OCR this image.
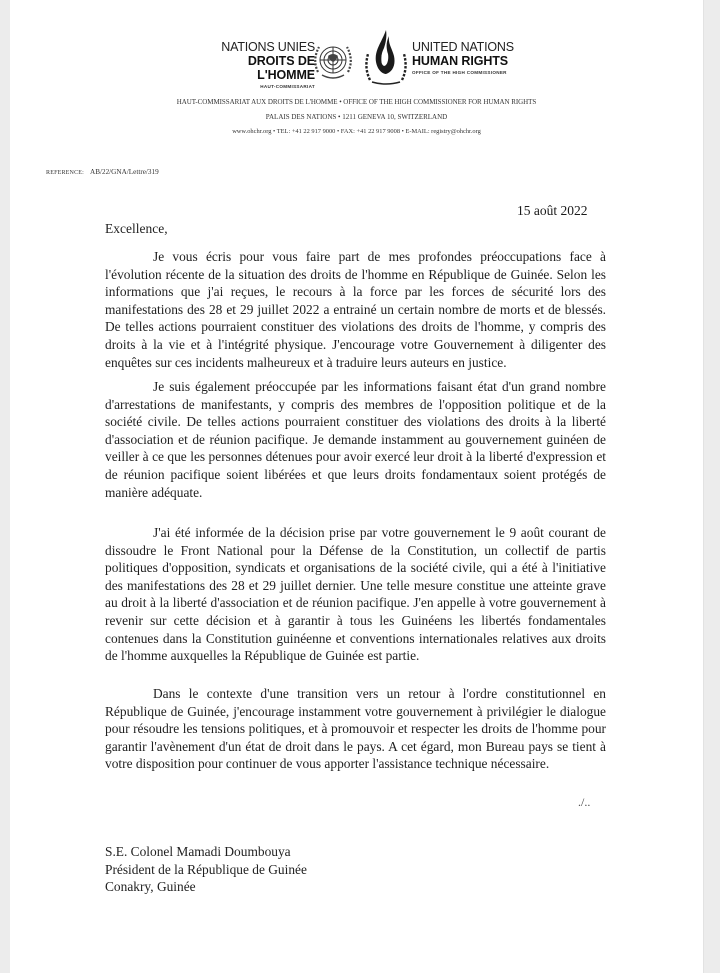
NATIONS UNIES
DROITS DE L'HOMME
HAUT-COMMISSARIAT
UNITED NATIONS
HUMAN RIGHTS
OFFICE OF THE HIGH COMMISSIONER
HAUT-COMMISSARIAT AUX DROITS DE L'HOMME • OFFICE OF THE HIGH COMMISSIONER FOR HUMAN RIGHTS
PALAIS DES NATIONS • 1211 GENEVA 10, SWITZERLAND
www.ohchr.org • TEL: +41 22 917 9000 • FAX: +41 22 917 9008 • E-MAIL: registry@ohchr.org
REFERENCE: AB/22/GNA/Lettre/319
15 août 2022
Excellence,
Je vous écris pour vous faire part de mes profondes préoccupations face à l'évolution récente de la situation des droits de l'homme en République de Guinée. Selon les informations que j'ai reçues, le recours à la force par les forces de sécurité lors des manifestations des 28 et 29 juillet 2022 a entrainé un certain nombre de morts et de blessés. De telles actions pourraient constituer des violations des droits de l'homme, y compris des droits à la vie et à l'intégrité physique. J'encourage votre Gouvernement à diligenter des enquêtes sur ces incidents malheureux et à traduire leurs auteurs en justice.
Je suis également préoccupée par les informations faisant état d'un grand nombre d'arrestations de manifestants, y compris des membres de l'opposition politique et de la société civile. De telles actions pourraient constituer des violations des droits à la liberté d'association et de réunion pacifique. Je demande instamment au gouvernement guinéen de veiller à ce que les personnes détenues pour avoir exercé leur droit à la liberté d'expression et de réunion pacifique soient libérées et que leurs droits fondamentaux soient protégés de manière adéquate.
J'ai été informée de la décision prise par votre gouvernement le 9 août courant de dissoudre le Front National pour la Défense de la Constitution, un collectif de partis politiques d'opposition, syndicats et organisations de la société civile, qui a été à l'initiative des manifestations des 28 et 29 juillet dernier. Une telle mesure constitue une atteinte grave au droit à la liberté d'association et de réunion pacifique. J'en appelle à votre gouvernement à revenir sur cette décision et à garantir à tous les Guinéens les libertés fondamentales contenues dans la Constitution guinéenne et conventions internationales relatives aux droits de l'homme auxquelles la République de Guinée est partie.
Dans le contexte d'une transition vers un retour à l'ordre constitutionnel en République de Guinée, j'encourage instamment votre gouvernement à privilégier le dialogue pour résoudre les tensions politiques, et à promouvoir et respecter les droits de l'homme pour garantir l'avènement d'un état de droit dans le pays. A cet égard, mon Bureau pays se tient à votre disposition pour continuer de vous apporter l'assistance technique nécessaire.
./..
S.E. Colonel Mamadi Doumbouya
Président de la République de Guinée
Conakry, Guinée
